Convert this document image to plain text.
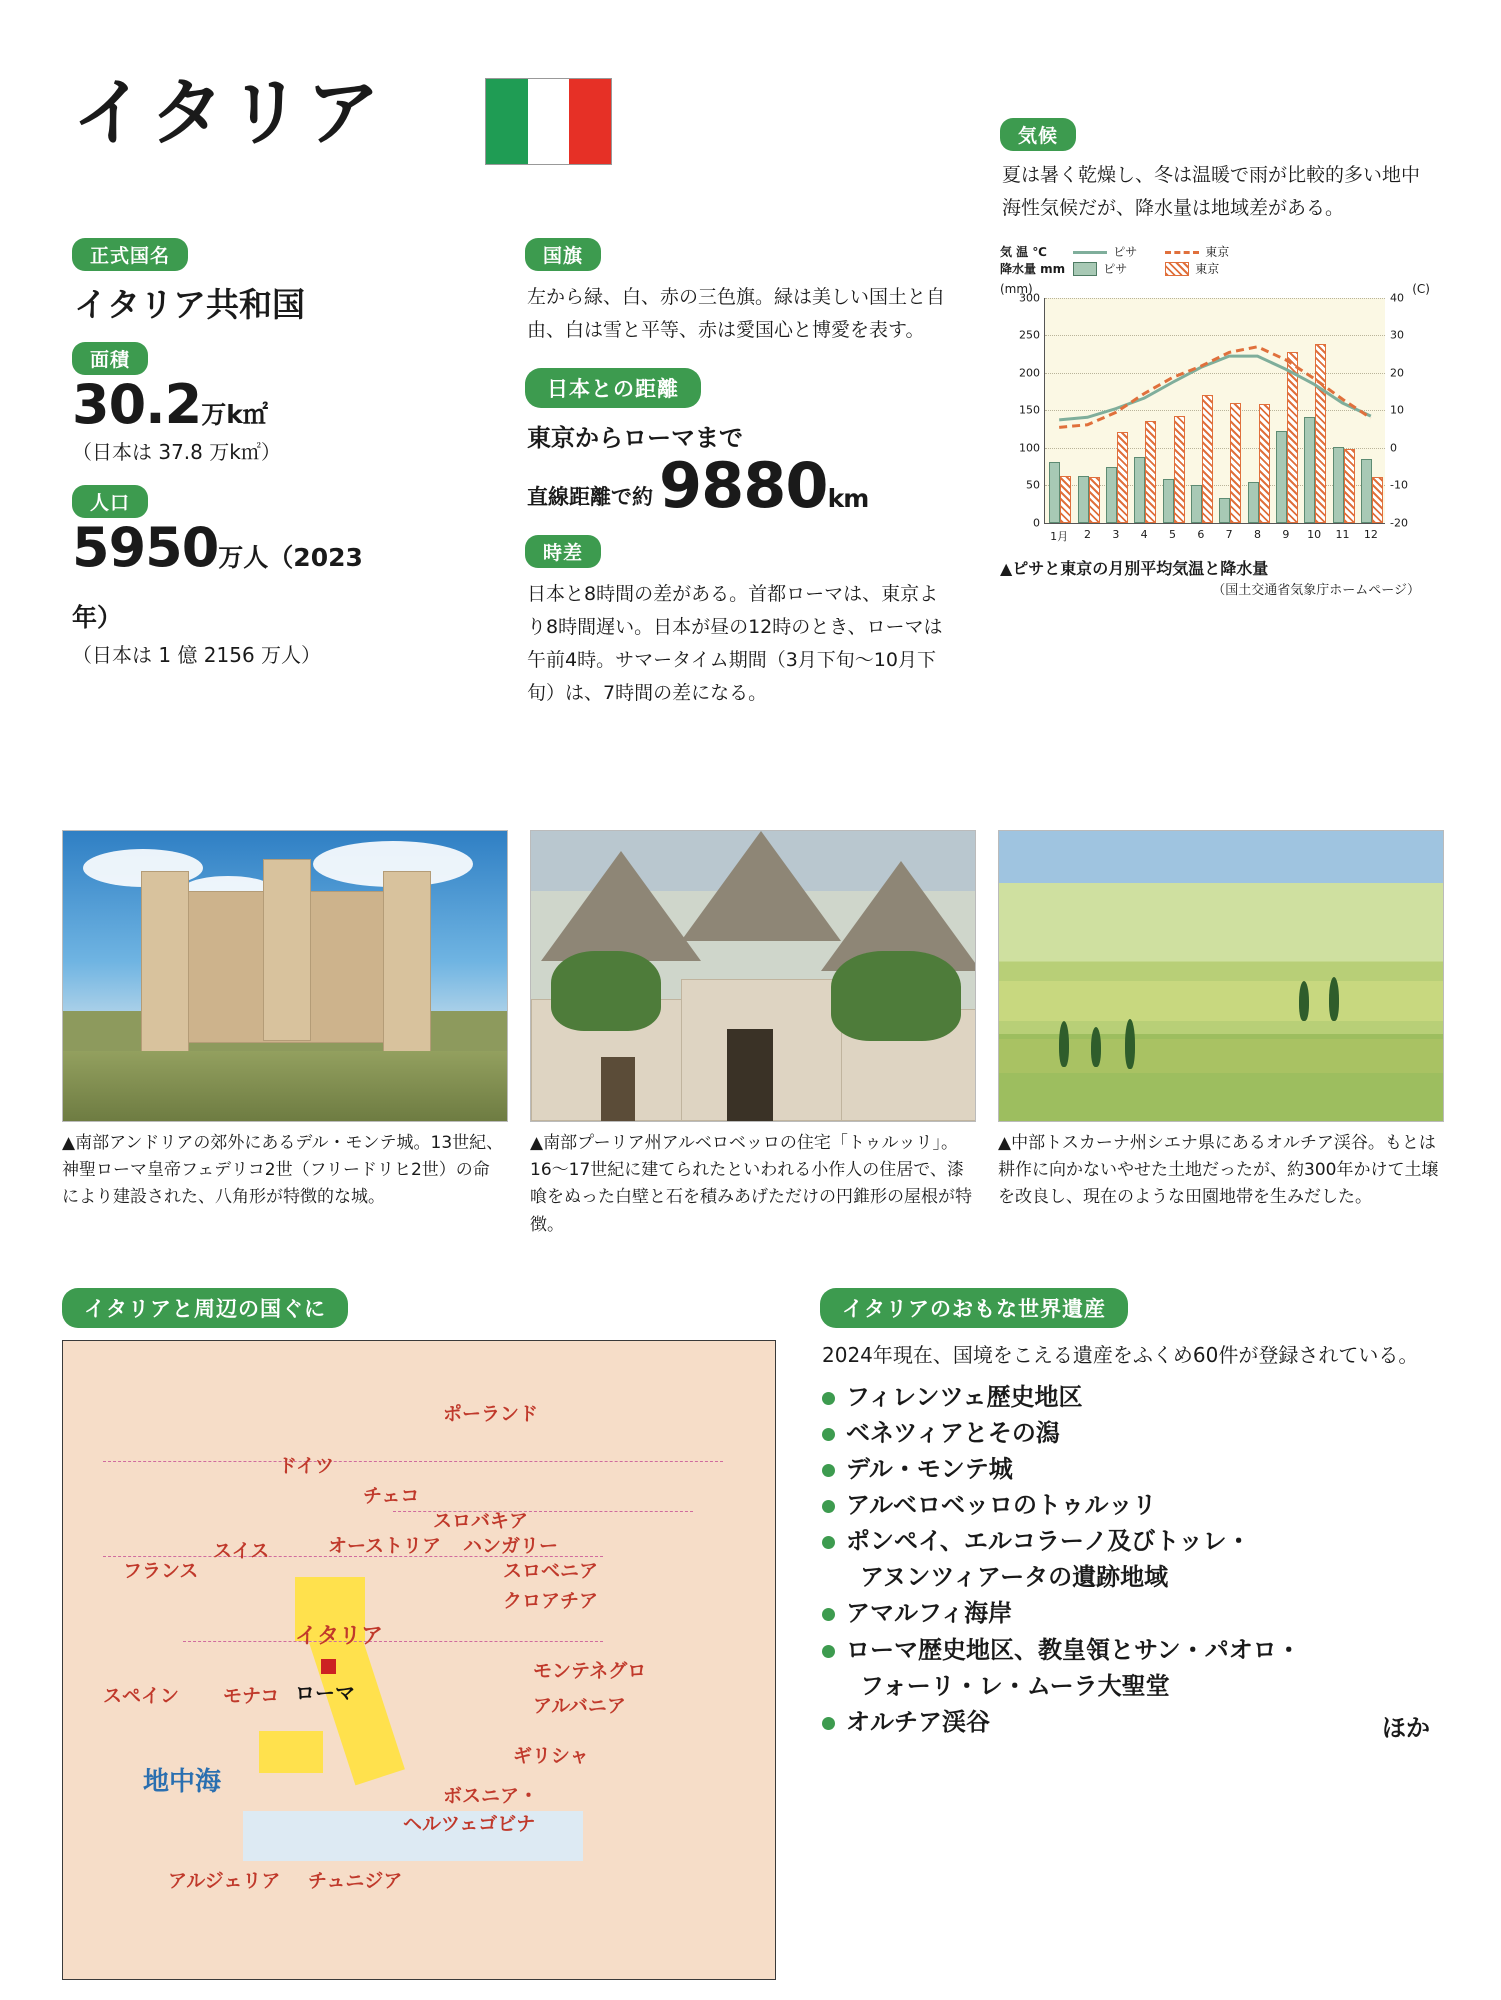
イタリア
正式国名
イタリア共和国
面積
30.2万k㎡
（日本は 37.8 万k㎡）
人口
5950万人（2023年）
（日本は 1 億 2156 万人）
国旗
左から緑、白、赤の三色旗。緑は美しい国土と自由、白は雪と平等、赤は愛国心と博愛を表す。
日本との距離
東京からローマまで
直線距離で約 9880km
時差
日本と8時間の差がある。首都ローマは、東京より8時間遅い。日本が昼の12時のとき、ローマは午前4時。サマータイム期間（3月下旬〜10月下旬）は、7時間の差になる。
気候
夏は暑く乾燥し、冬は温暖で雨が比較的多い地中海性気候だが、降水量は地域差がある。
気 温 ℃
降水量 mm
ピサ
ピサ
東京
東京
(mm)	(C)
0
50
100
150
200
250
300
-20
-10
0
10
20
30
40
1月 2 3 4 5 6 7 8 9 10 11 12
▲ピサと東京の月別平均気温と降水量
（国土交通省気象庁ホームページ）
▲南部アンドリアの郊外にあるデル・モンテ城。13世紀、神聖ローマ皇帝フェデリコ2世（フリードリヒ2世）の命により建設された、八角形が特徴的な城。
▲南部プーリア州アルベロベッロの住宅「トゥルッリ」。16〜17世紀に建てられたといわれる小作人の住居で、漆喰をぬった白壁と石を積みあげただけの円錐形の屋根が特徴。
▲中部トスカーナ州シエナ県にあるオルチア渓谷。もとは耕作に向かないやせた土地だったが、約300年かけて土壌を改良し、現在のような田園地帯を生みだした。
イタリアと周辺の国ぐに
ポーランド
ドイツ
チェコ
スロバキア
オーストリア ハンガリー
スイス
スロベニア
クロアチア
フランス
モンテネグロ
アルバニア
スペイン モナコ
ギリシャ
ボスニア・
ヘルツェゴビナ
アルジェリア チュニジア
イタリア
ローマ
地中海
イタリアのおもな世界遺産
2024年現在、国境をこえる遺産をふくめ60件が登録されている。
フィレンツェ歴史地区
ベネツィアとその潟
デル・モンテ城
アルベロベッロのトゥルッリ
ポンペイ、エルコラーノ及びトッレ・
アヌンツィアータの遺跡地域
アマルフィ海岸
ローマ歴史地区、教皇領とサン・パオロ・
フォーリ・レ・ムーラ大聖堂
オルチア渓谷	ほか
